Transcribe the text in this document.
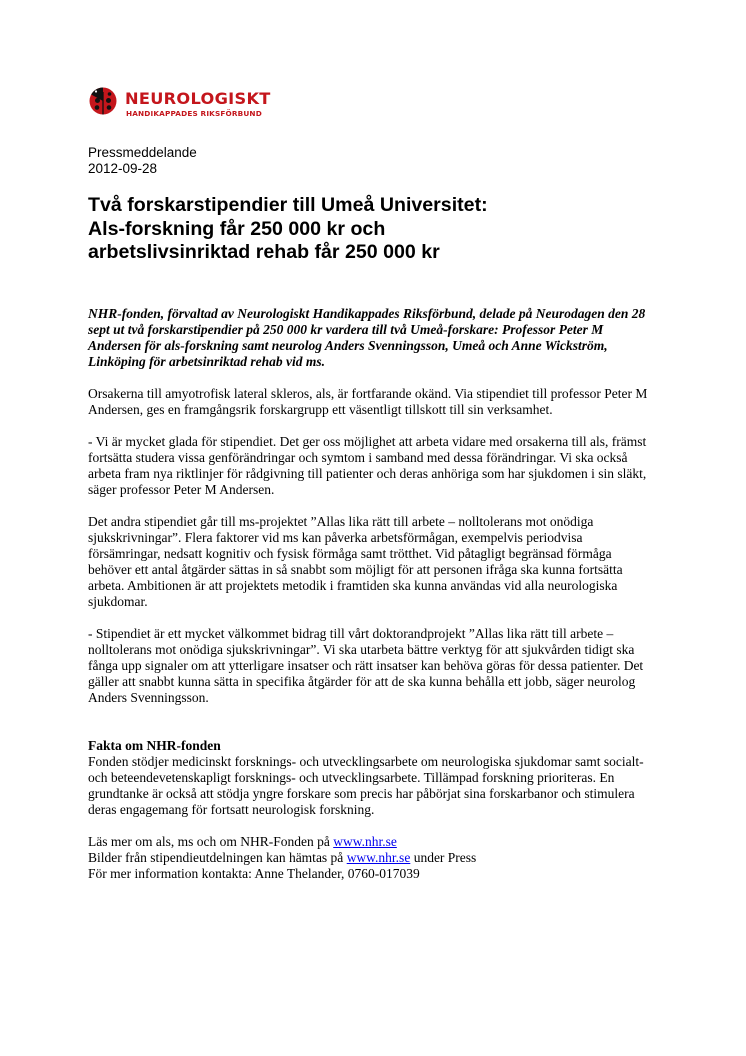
NEUROLOGISKT
HANDIKAPPADES RIKSFÖRBUND
Pressmeddelande
2012-09-28
Två forskarstipendier till Umeå Universitet:
Als-forskning får 250 000 kr och
arbetslivsinriktad rehab får 250 000 kr

NHR-fonden, förvaltad av Neurologiskt Handikappades Riksförbund, delade på Neurodagen den 28 sept ut två forskarstipendier på 250 000 kr vardera till två Umeå-forskare: Professor Peter M Andersen för als-forskning samt neurolog Anders Svenningsson, Umeå och Anne Wickström, Linköping för arbetsinriktad rehab vid ms.

Orsakerna till amyotrofisk lateral skleros, als, är fortfarande okänd. Via stipendiet till professor Peter M Andersen, ges en framgångsrik forskargrupp ett väsentligt tillskott till sin verksamhet.

- Vi är mycket glada för stipendiet. Det ger oss möjlighet att arbeta vidare med orsakerna till als, främst fortsätta studera vissa genförändringar och symtom i samband med dessa förändringar. Vi ska också arbeta fram nya riktlinjer för rådgivning till patienter och deras anhöriga som har sjukdomen i sin släkt, säger professor Peter M Andersen.

Det andra stipendiet går till ms-projektet ”Allas lika rätt till arbete – nolltolerans mot onödiga sjukskrivningar”. Flera faktorer vid ms kan påverka arbetsförmågan, exempelvis periodvisa försämringar, nedsatt kognitiv och fysisk förmåga samt trötthet. Vid påtagligt begränsad förmåga behöver ett antal åtgärder sättas in så snabbt som möjligt för att personen ifråga ska kunna fortsätta arbeta. Ambitionen är att projektets metodik i framtiden ska kunna användas vid alla neurologiska sjukdomar.

- Stipendiet är ett mycket välkommet bidrag till vårt doktorandprojekt ”Allas lika rätt till arbete – nolltolerans mot onödiga sjukskrivningar”. Vi ska utarbeta bättre verktyg för att sjukvården tidigt ska fånga upp signaler om att ytterligare insatser och rätt insatser kan behöva göras för dessa patienter. Det gäller att snabbt kunna sätta in specifika åtgärder för att de ska kunna behålla ett jobb, säger neurolog Anders Svenningsson.

Fakta om NHR-fonden

Fonden stödjer medicinskt forsknings- och utvecklingsarbete om neurologiska sjukdomar samt socialt- och beteendevetenskapligt forsknings- och utvecklingsarbete. Tillämpad forskning prioriteras. En grundtanke är också att stödja yngre forskare som precis har påbörjat sina forskarbanor och stimulera deras engagemang för fortsatt neurologisk forskning.

Läs mer om als, ms och om NHR-Fonden på www.nhr.se
Bilder från stipendieutdelningen kan hämtas på www.nhr.se under Press
För mer information kontakta: Anne Thelander, 0760-017039
